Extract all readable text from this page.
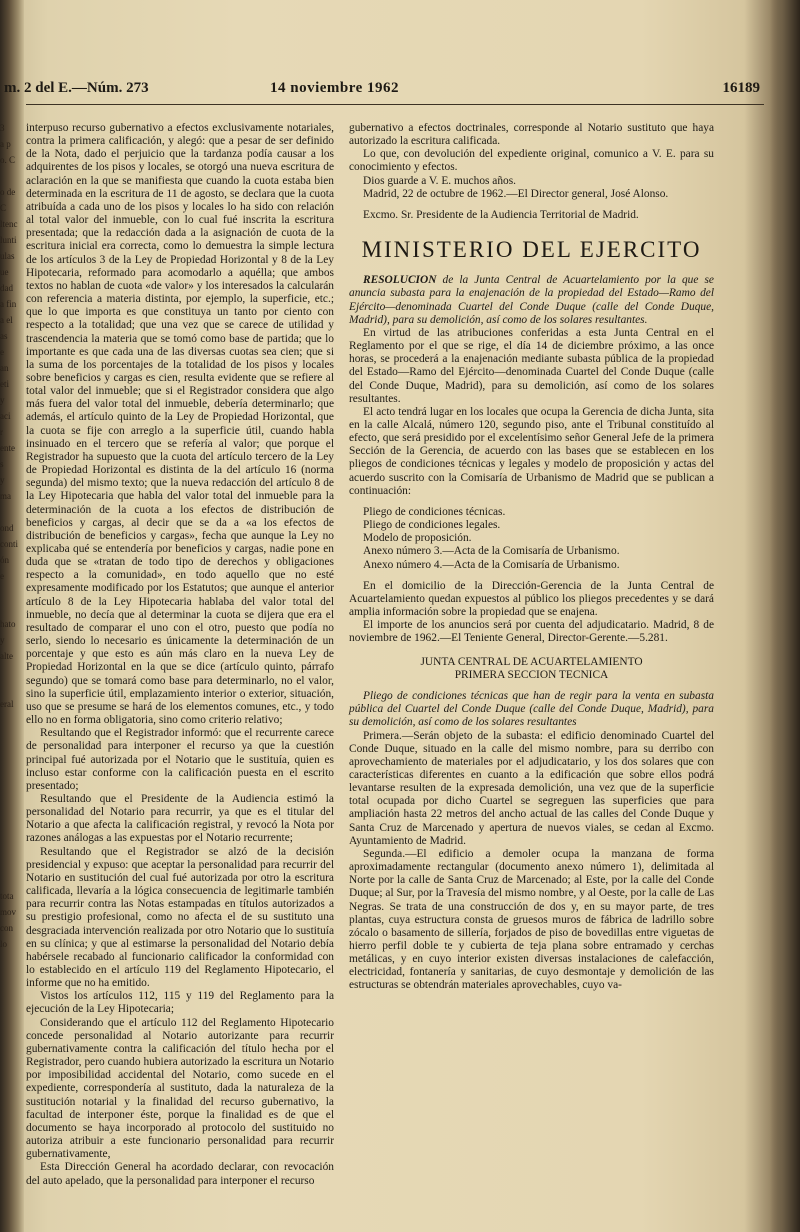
3
a p
o. C

o de
C
ltenc
lunti
ulas
ue
dad
a fin
a el
as
e
an
eti
y
aci
r
ente
s
y
ma

ond
conti
ón
e

hato
y
alte

eral

tota
mov
con
lo

m. 2 del E.—Núm. 273	14 noviembre 1962	16189

interpuso recurso gubernativo a efectos exclusivamente notariales, contra la primera calificación, y alegó: que a pesar de ser definido de la Nota, dado el perjuicio que la tardanza podía causar a los adquirentes de los pisos y locales, se otorgó una nueva escritura de aclaración en la que se manifiesta que cuando la cuota estaba bien determinada en la escritura de 11 de agosto, se declara que la cuota atribuída a cada uno de los pisos y locales lo ha sido con relación al total valor del inmueble, con lo cual fué inscrita la escritura presentada; que la redacción dada a la asignación de cuota de la escritura inicial era correcta, como lo demuestra la simple lectura de los artículos 3 de la Ley de Propiedad Horizontal y 8 de la Ley Hipotecaria, reformado para acomodarlo a aquélla; que ambos textos no hablan de cuota «de valor» y los interesados la calcularán con referencia a materia distinta, por ejemplo, la superficie, etc.; que lo que importa es que constituya un tanto por ciento con respecto a la totalidad; que una vez que se carece de utilidad y trascendencia la materia que se tomó como base de partida; que lo importante es que cada una de las diversas cuotas sea cien; que si la suma de los porcentajes de la totalidad de los pisos y locales sobre beneficios y cargas es cien, resulta evidente que se refiere al total valor del inmueble; que si el Registrador considera que algo más fuera del valor total del inmueble, debería determinarlo; que además, el artículo quinto de la Ley de Propiedad Horizontal, que la cuota se fije con arreglo a la superficie útil, cuando habla insinuado en el tercero que se refería al valor; que porque el Registrador ha supuesto que la cuota del artículo tercero de la Ley de Propiedad Horizontal es distinta de la del artículo 16 (norma segunda) del mismo texto; que la nueva redacción del artículo 8 de la Ley Hipotecaria que habla del valor total del inmueble para la determinación de la cuota a los efectos de distribución de beneficios y cargas, al decir que se da a «a los efectos de distribución de beneficios y cargas», fecha que aunque la Ley no explicaba qué se entendería por beneficios y cargas, nadie pone en duda que se «tratan de todo tipo de derechos y obligaciones respecto a la comunidad», en todo aquello que no esté expresamente modificado por los Estatutos; que aunque el anterior artículo 8 de la Ley Hipotecaria hablaba del valor total del inmueble, no decía que al determinar la cuota se dijera que era el resultado de comparar el uno con el otro, puesto que podía no serlo, siendo lo necesario es únicamente la determinación de un porcentaje y que esto es aún más claro en la nueva Ley de Propiedad Horizontal en la que se dice (artículo quinto, párrafo segundo) que se tomará como base para determinarlo, no el valor, sino la superficie útil, emplazamiento interior o exterior, situación, uso que se presume se hará de los elementos comunes, etc., y todo ello no en forma obligatoria, sino como criterio relativo;

Resultando que el Registrador informó: que el recurrente carece de personalidad para interponer el recurso ya que la cuestión principal fué autorizada por el Notario que le sustituía, quien es incluso estar conforme con la calificación puesta en el escrito presentado;

Resultando que el Presidente de la Audiencia estimó la personalidad del Notario para recurrir, ya que es el titular del Notario a que afecta la calificación registral, y revocó la Nota por razones análogas a las expuestas por el Notario recurrente;

Resultando que el Registrador se alzó de la decisión presidencial y expuso: que aceptar la personalidad para recurrir del Notario en sustitución del cual fué autorizada por otro la escritura calificada, llevaría a la lógica consecuencia de legitimarle también para recurrir contra las Notas estampadas en títulos autorizados a su prestigio profesional, como no afecta el de su sustituto una desgraciada intervención realizada por otro Notario que lo sustituía en su clínica; y que al estimarse la personalidad del Notario debía habérsele recabado al funcionario calificador la conformidad con lo establecido en el artículo 119 del Reglamento Hipotecario, el informe que no ha emitido.

Vistos los artículos 112, 115 y 119 del Reglamento para la ejecución de la Ley Hipotecaria;

Considerando que el artículo 112 del Reglamento Hipotecario concede personalidad al Notario autorizante para recurrir gubernativamente contra la calificación del título hecha por el Registrador, pero cuando hubiera autorizado la escritura un Notario por imposibilidad accidental del Notario, como sucede en el expediente, correspondería al sustituto, dada la naturaleza de la sustitución notarial y la finalidad del recurso gubernativo, la facultad de interponer éste, porque la finalidad es de que el documento se haya incorporado al protocolo del sustituido no autoriza atribuir a este funcionario personalidad para recurrir gubernativamente,

Esta Dirección General ha acordado declarar, con revocación del auto apelado, que la personalidad para interponer el recurso

gubernativo a efectos doctrinales, corresponde al Notario sustituto que haya autorizado la escritura calificada.

Lo que, con devolución del expediente original, comunico a V. E. para su conocimiento y efectos.

Dios guarde a V. E. muchos años.

Madrid, 22 de octubre de 1962.—El Director general, José Alonso.

Excmo. Sr. Presidente de la Audiencia Territorial de Madrid.

MINISTERIO DEL EJERCITO

RESOLUCION de la Junta Central de Acuartelamiento por la que se anuncia subasta para la enajenación de la propiedad del Estado—Ramo del Ejército—denominada Cuartel del Conde Duque (calle del Conde Duque, Madrid), para su demolición, así como de los solares resultantes.

En virtud de las atribuciones conferidas a esta Junta Central en el Reglamento por el que se rige, el día 14 de diciembre próximo, a las once horas, se procederá a la enajenación mediante subasta pública de la propiedad del Estado—Ramo del Ejército—denominada Cuartel del Conde Duque (calle del Conde Duque, Madrid), para su demolición, así como de los solares resultantes.

El acto tendrá lugar en los locales que ocupa la Gerencia de dicha Junta, sita en la calle Alcalá, número 120, segundo piso, ante el Tribunal constituído al efecto, que será presidido por el excelentísimo señor General Jefe de la primera Sección de la Gerencia, de acuerdo con las bases que se establecen en los pliegos de condiciones técnicas y legales y modelo de proposición y actas del acuerdo suscrito con la Comisaría de Urbanismo de Madrid que se publican a continuación:

Pliego de condiciones técnicas.

Pliego de condiciones legales.

Modelo de proposición.

Anexo número 3.—Acta de la Comisaría de Urbanismo.

Anexo número 4.—Acta de la Comisaría de Urbanismo.

En el domicilio de la Dirección-Gerencia de la Junta Central de Acuartelamiento quedan expuestos al público los pliegos precedentes y se dará amplia información sobre la propiedad que se enajena.

El importe de los anuncios será por cuenta del adjudicatario. Madrid, 8 de noviembre de 1962.—El Teniente General, Director-Gerente.—5.281.

JUNTA CENTRAL DE ACUARTELAMIENTO
PRIMERA SECCION TECNICA

Pliego de condiciones técnicas que han de regir para la venta en subasta pública del Cuartel del Conde Duque (calle del Conde Duque, Madrid), para su demolición, así como de los solares resultantes

Primera.—Serán objeto de la subasta: el edificio denominado Cuartel del Conde Duque, situado en la calle del mismo nombre, para su derribo con aprovechamiento de materiales por el adjudicatario, y los dos solares que con características diferentes en cuanto a la edificación que sobre ellos podrá levantarse resulten de la expresada demolición, una vez que de la superficie total ocupada por dicho Cuartel se segreguen las superficies que para ampliación hasta 22 metros del ancho actual de las calles del Conde Duque y Santa Cruz de Marcenado y apertura de nuevos viales, se cedan al Excmo. Ayuntamiento de Madrid.

Segunda.—El edificio a demoler ocupa la manzana de forma aproximadamente rectangular (documento anexo número 1), delimitada al Norte por la calle de Santa Cruz de Marcenado; al Este, por la calle del Conde Duque; al Sur, por la Travesía del mismo nombre, y al Oeste, por la calle de Las Negras. Se trata de una construcción de dos y, en su mayor parte, de tres plantas, cuya estructura consta de gruesos muros de fábrica de ladrillo sobre zócalo o basamento de sillería, forjados de piso de bovedillas entre viguetas de hierro perfil doble te y cubierta de teja plana sobre entramado y cerchas metálicas, y en cuyo interior existen diversas instalaciones de calefacción, electricidad, fontanería y sanitarias, de cuyo desmontaje y demolición de las estructuras se obtendrán materiales aprovechables, cuyo va-
